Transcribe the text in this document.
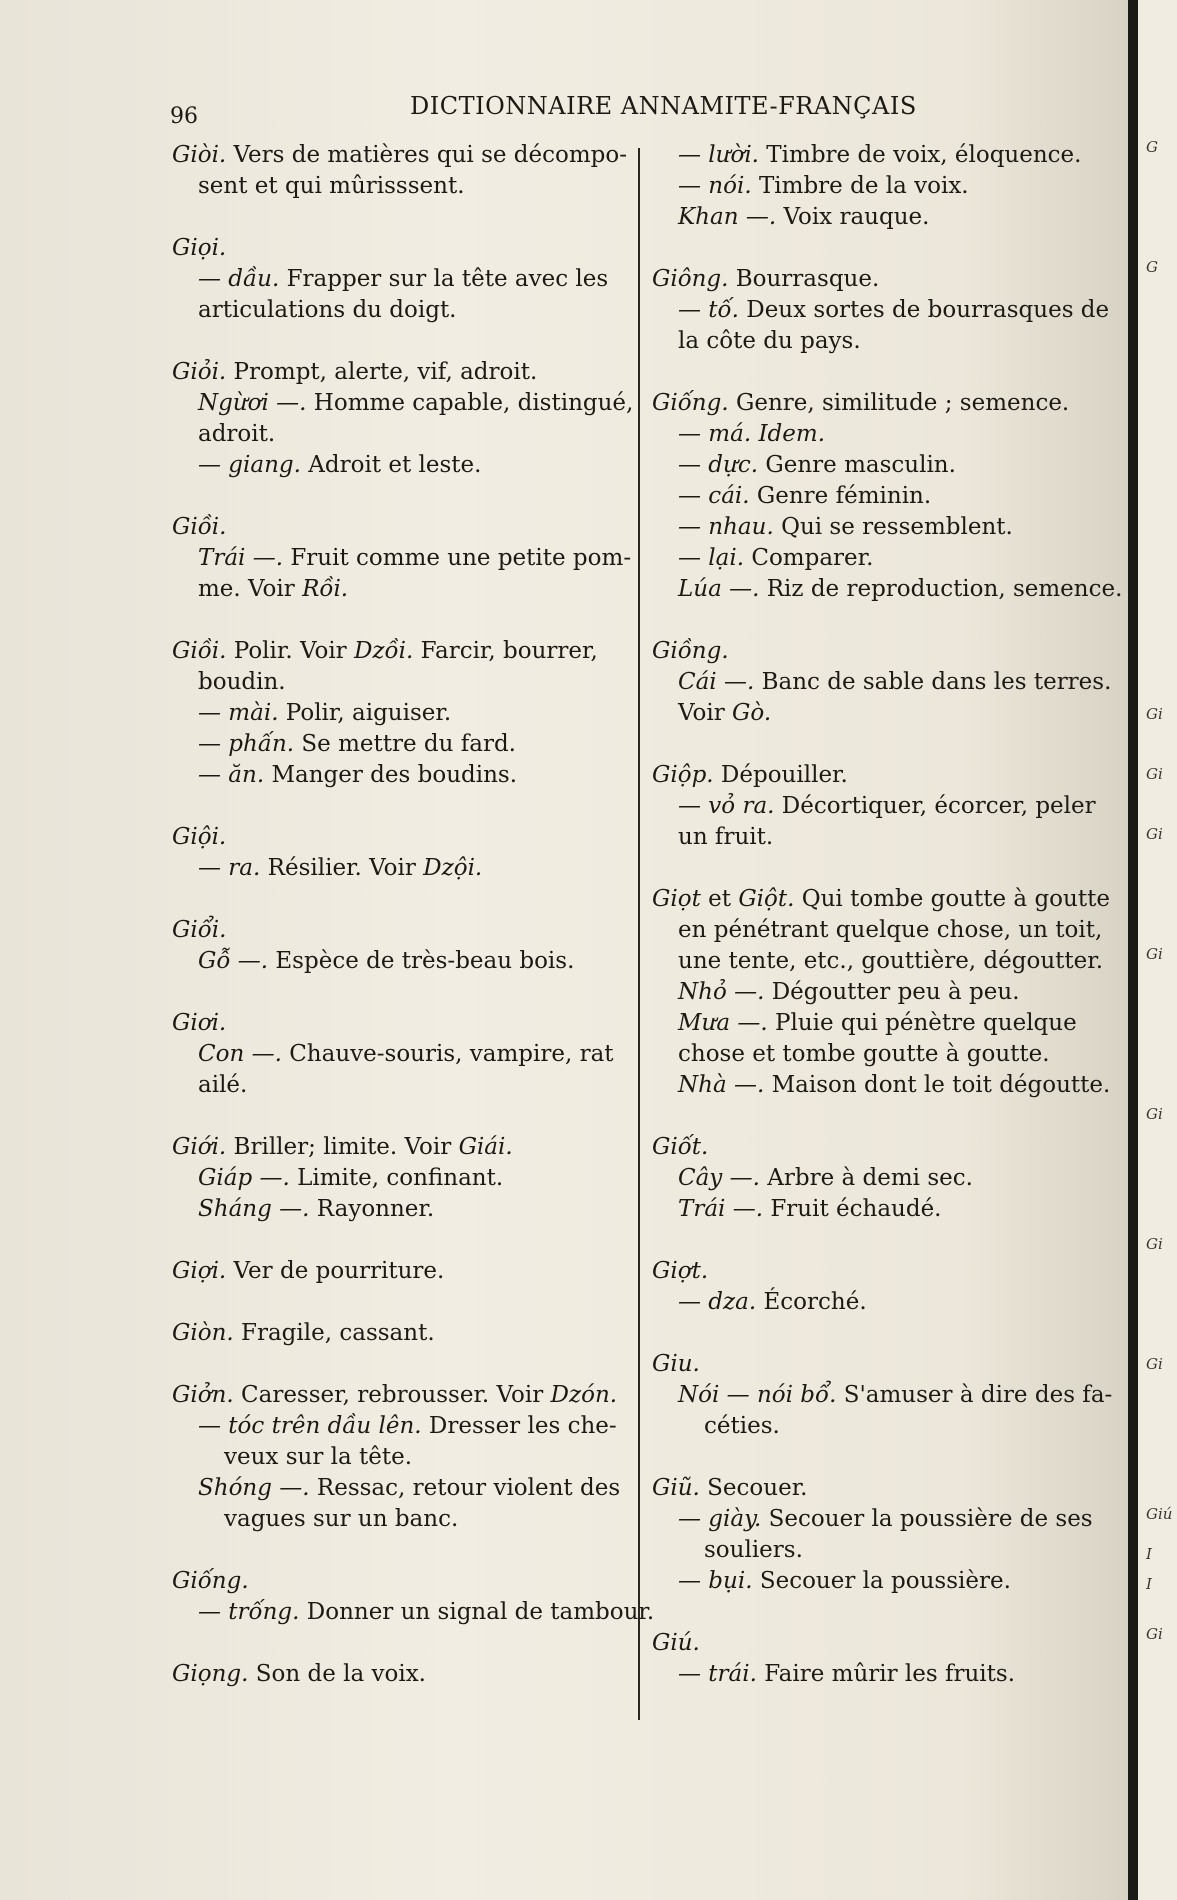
96	DICTIONNAIRE ANNAMITE-FRANÇAIS
Giòi. Vers de matières qui se décompo-
sent et qui mûrisssent.
Giọi.
— dầu. Frapper sur la tête avec les
articulations du doigt.
Giỏi. Prompt, alerte, vif, adroit.
Ngừơi —. Homme capable, distingué,
adroit.
— giang. Adroit et leste.
Giồi.
Trái —. Fruit comme une petite pom-
me. Voir Rồi.
Giồi. Polir. Voir Dzồi. Farcir, bourrer,
boudin.
— mài. Polir, aiguiser.
— phấn. Se mettre du fard.
— ăn. Manger des boudins.
Giội.
— ra. Résilier. Voir Dzội.
Giổi.
Gỗ —. Espèce de très-beau bois.
Giơi.
Con —. Chauve-souris, vampire, rat
ailé.
Giới. Briller; limite. Voir Giái.
Giáp —. Limite, confinant.
Sháng —. Rayonner.
Giợi. Ver de pourriture.
Giòn. Fragile, cassant.
Giởn. Caresser, rebrousser. Voir Dzón.
— tóc trên dầu lên. Dresser les che-
veux sur la tête.
Shóng —. Ressac, retour violent des
vagues sur un banc.
Giống.
— trống. Donner un signal de tambour.
Giọng. Son de la voix.
— lười. Timbre de voix, éloquence.
— nói. Timbre de la voix.
Khan —. Voix rauque.
Giông. Bourrasque.
— tố. Deux sortes de bourrasques de
la côte du pays.
Giống. Genre, similitude ; semence.
— má. Idem.
— dực. Genre masculin.
— cái. Genre féminin.
— nhau. Qui se ressemblent.
— lại. Comparer.
Lúa —. Riz de reproduction, semence.
Giồng.
Cái —. Banc de sable dans les terres.
Voir Gò.
Giộp. Dépouiller.
— vỏ ra. Décortiquer, écorcer, peler
un fruit.
Giọt et Giột. Qui tombe goutte à goutte
en pénétrant quelque chose, un toit,
une tente, etc., gouttière, dégoutter.
Nhỏ —. Dégoutter peu à peu.
Mưa —. Pluie qui pénètre quelque
chose et tombe goutte à goutte.
Nhà —. Maison dont le toit dégoutte.
Giốt.
Cây —. Arbre à demi sec.
Trái —. Fruit échaudé.
Giợt.
— dza. Écorché.
Giu.
Nói — nói bổ. S'amuser à dire des fa-
céties.
Giũ. Secouer.
— giày. Secouer la poussière de ses
souliers.
— bụi. Secouer la poussière.
Giú.
— trái. Faire mûrir les fruits.
G
G
Gi
Gi
Gi
Gi
Gi
Gi
Gi
Giú
I
I
Gi
